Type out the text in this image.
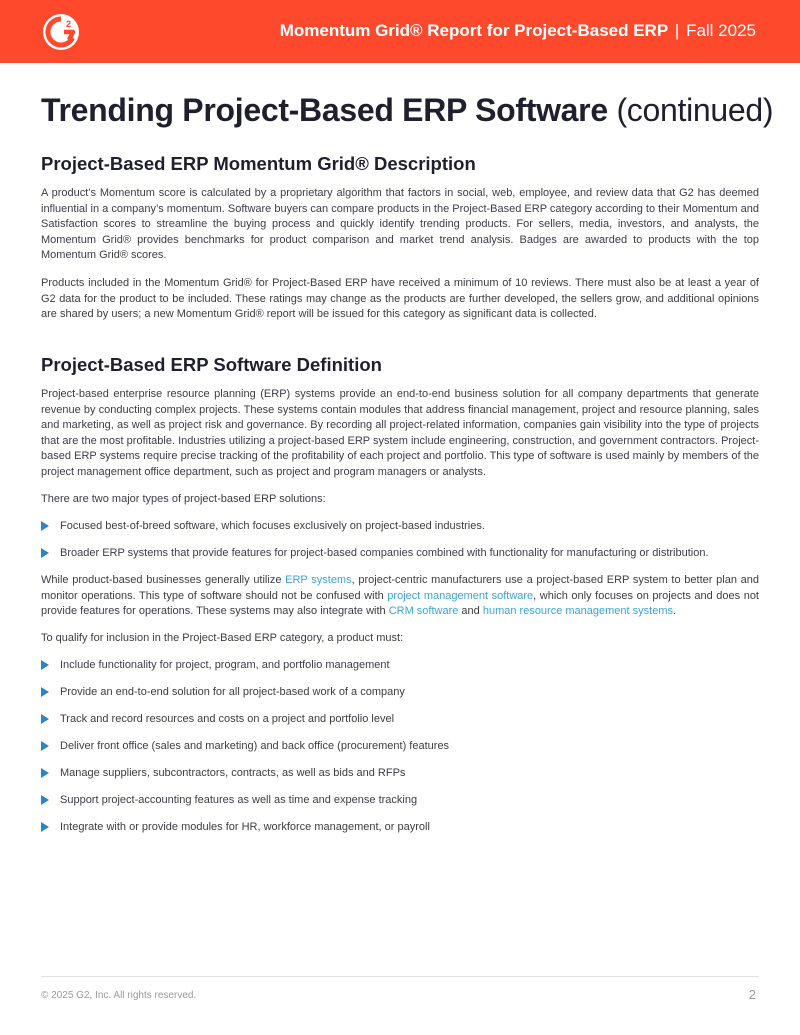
2	Momentum Grid® Report for Project-Based ERP | Fall 2025
Trending Project-Based ERP Software (continued)
Project-Based ERP Momentum Grid® Description

A product’s Momentum score is calculated by a proprietary algorithm that factors in social, web, employee, and review data that G2 has deemed influential in a company’s momentum. Software buyers can compare products in the Project-Based ERP category according to their Momentum and Satisfaction scores to streamline the buying process and quickly identify trending products. For sellers, media, investors, and analysts, the Momentum Grid® provides benchmarks for product comparison and market trend analysis. Badges are awarded to products with the top Momentum Grid® scores.

Products included in the Momentum Grid® for Project-Based ERP have received a minimum of 10 reviews. There must also be at least a year of G2 data for the product to be included. These ratings may change as the products are further developed, the sellers grow, and additional opinions are shared by users; a new Momentum Grid® report will be issued for this category as significant data is collected.

Project-Based ERP Software Definition

Project-based enterprise resource planning (ERP) systems provide an end-to-end business solution for all company departments that generate revenue by conducting complex projects. These systems contain modules that address financial management, project and resource planning, sales and marketing, as well as project risk and governance. By recording all project-related information, companies gain visibility into the type of projects that are the most profitable. Industries utilizing a project-based ERP system include engineering, construction, and government contractors. Project-based ERP systems require precise tracking of the profitability of each project and portfolio. This type of software is used mainly by members of the project management office department, such as project and program managers or analysts.

There are two major types of project-based ERP solutions:

Focused best-of-breed software, which focuses exclusively on project-based industries.
Broader ERP systems that provide features for project-based companies combined with functionality for manufacturing or distribution.

While product-based businesses generally utilize ERP systems, project-centric manufacturers use a project-based ERP system to better plan and monitor operations. This type of software should not be confused with project management software, which only focuses on projects and does not provide features for operations. These systems may also integrate with CRM software and human resource management systems.

To qualify for inclusion in the Project-Based ERP category, a product must:

Include functionality for project, program, and portfolio management
Provide an end-to-end solution for all project-based work of a company
Track and record resources and costs on a project and portfolio level
Deliver front office (sales and marketing) and back office (procurement) features
Manage suppliers, subcontractors, contracts, as well as bids and RFPs
Support project-accounting features as well as time and expense tracking
Integrate with or provide modules for HR, workforce management, or payroll
© 2025 G2, Inc. All rights reserved.	2
